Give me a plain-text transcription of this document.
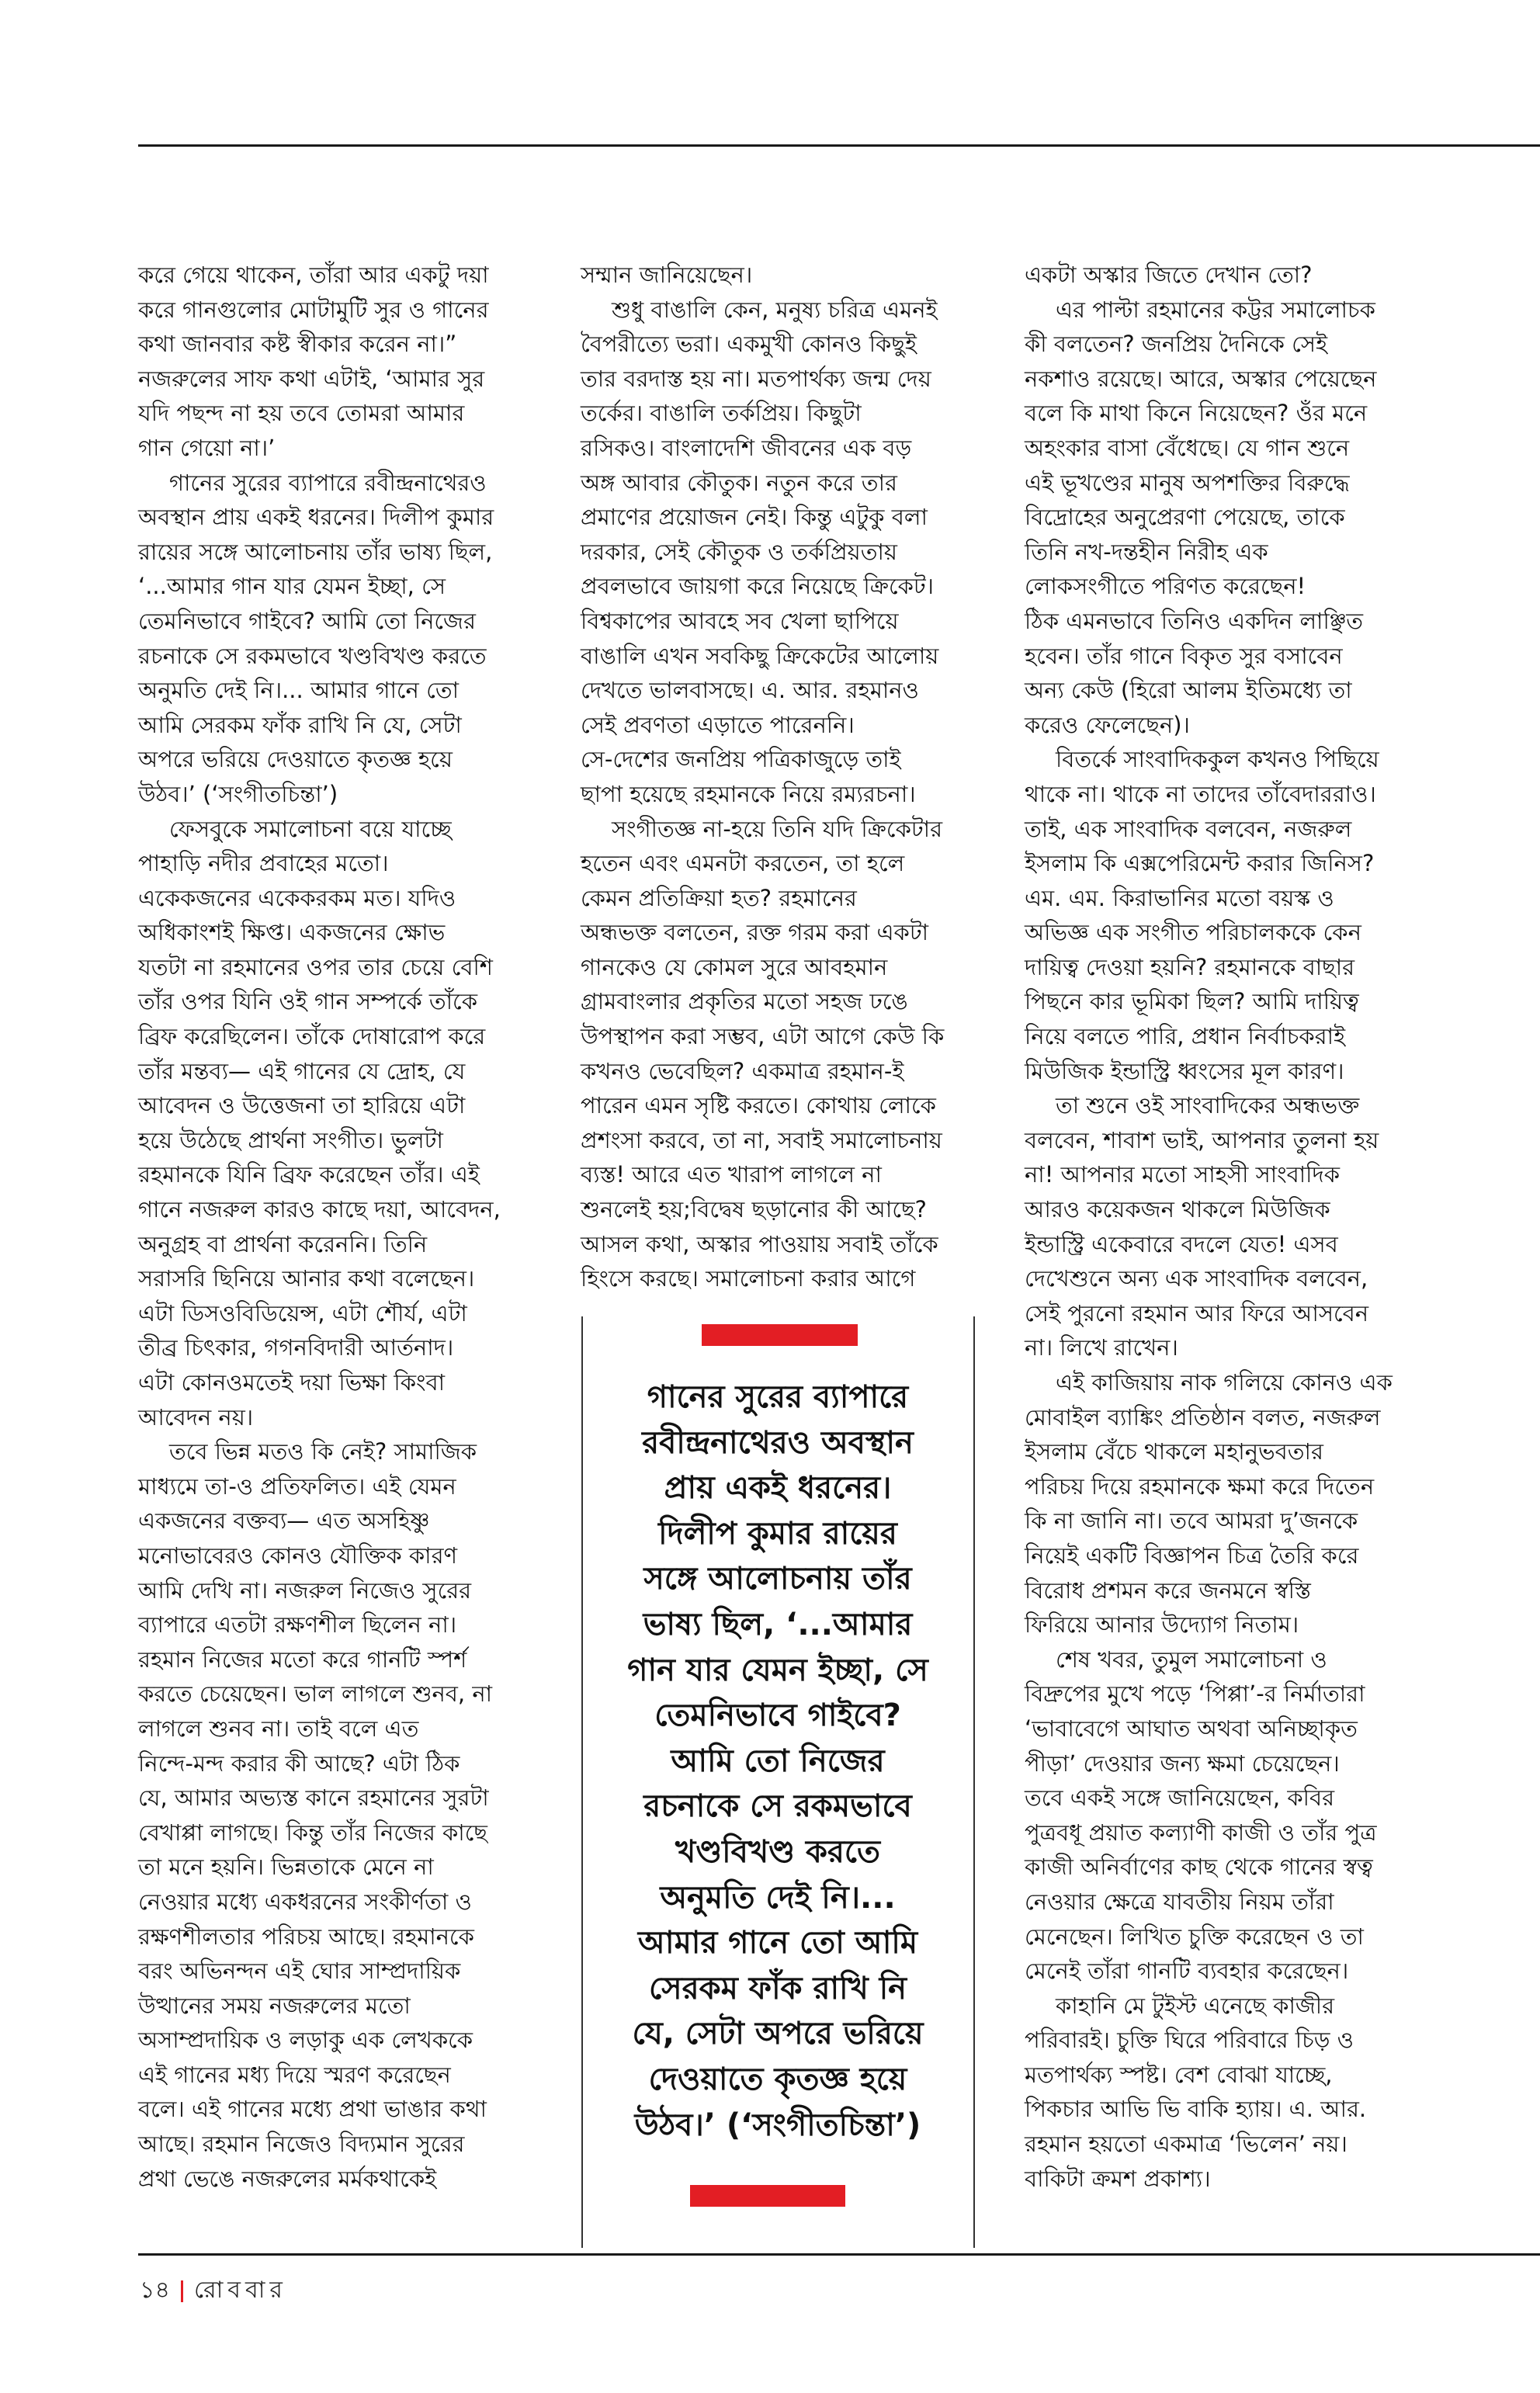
করে গেয়ে থাকেন, তাঁরা আর একটু দয়া
করে গানগুলোর মোটামুটি সুর ও গানের
কথা জানবার কষ্ট স্বীকার করেন না।”
নজরুলের সাফ কথা এটাই, ‘আমার সুর
যদি পছন্দ না হয় তবে তোমরা আমার
গান গেয়ো না।’
গানের সুরের ব্যাপারে রবীন্দ্রনাথেরও
অবস্থান প্রায় একই ধরনের। দিলীপ কুমার
রায়ের সঙ্গে আলোচনায় তাঁর ভাষ্য ছিল,
‘...আমার গান যার যেমন ইচ্ছা, সে
তেমনিভাবে গাইবে? আমি তো নিজের
রচনাকে সে রকমভাবে খণ্ডবিখণ্ড করতে
অনুমতি দেই নি।... আমার গানে তো
আমি সেরকম ফাঁক রাখি নি যে, সেটা
অপরে ভরিয়ে দেওয়াতে কৃতজ্ঞ হয়ে
উঠব।’ (‘সংগীতচিন্তা’)
ফেসবুকে সমালোচনা বয়ে যাচ্ছে
পাহাড়ি নদীর প্রবাহের মতো।
একেকজনের একেকরকম মত। যদিও
অধিকাংশই ক্ষিপ্ত। একজনের ক্ষোভ
যতটা না রহমানের ওপর তার চেয়ে বেশি
তাঁর ওপর যিনি ওই গান সম্পর্কে তাঁকে
ব্রিফ করেছিলেন। তাঁকে দোষারোপ করে
তাঁর মন্তব্য— এই গানের যে দ্রোহ, যে
আবেদন ও উত্তেজনা তা হারিয়ে এটা
হয়ে উঠেছে প্রার্থনা সংগীত। ভুলটা
রহমানকে যিনি ব্রিফ করেছেন তাঁর। এই
গানে নজরুল কারও কাছে দয়া, আবেদন,
অনুগ্রহ বা প্রার্থনা করেননি। তিনি
সরাসরি ছিনিয়ে আনার কথা বলেছেন।
এটা ডিসওবিডিয়েন্স, এটা শৌর্য, এটা
তীব্র চিৎকার, গগনবিদারী আর্তনাদ।
এটা কোনওমতেই দয়া ভিক্ষা কিংবা
আবেদন নয়।
তবে ভিন্ন মতও কি নেই? সামাজিক
মাধ্যমে তা-ও প্রতিফলিত। এই যেমন
একজনের বক্তব্য— এত অসহিষ্ণু
মনোভাবেরও কোনও যৌক্তিক কারণ
আমি দেখি না। নজরুল নিজেও সুরের
ব্যাপারে এতটা রক্ষণশীল ছিলেন না।
রহমান নিজের মতো করে গানটি স্পর্শ
করতে চেয়েছেন। ভাল লাগলে শুনব, না
লাগলে শুনব না। তাই বলে এত
নিন্দে-মন্দ করার কী আছে? এটা ঠিক
যে, আমার অভ্যস্ত কানে রহমানের সুরটা
বেখাপ্পা লাগছে। কিন্তু তাঁর নিজের কাছে
তা মনে হয়নি। ভিন্নতাকে মেনে না
নেওয়ার মধ্যে একধরনের সংকীর্ণতা ও
রক্ষণশীলতার পরিচয় আছে। রহমানকে
বরং অভিনন্দন এই ঘোর সাম্প্রদায়িক
উত্থানের সময় নজরুলের মতো
অসাম্প্রদায়িক ও লড়াকু এক লেখককে
এই গানের মধ্য দিয়ে স্মরণ করেছেন
বলে। এই গানের মধ্যে প্রথা ভাঙার কথা
আছে। রহমান নিজেও বিদ্যমান সুরের
প্রথা ভেঙে নজরুলের মর্মকথাকেই
সম্মান জানিয়েছেন।
শুধু বাঙালি কেন, মনুষ্য চরিত্র এমনই
বৈপরীত্যে ভরা। একমুখী কোনও কিছুই
তার বরদাস্ত হয় না। মতপার্থক্য জন্ম দেয়
তর্কের। বাঙালি তর্কপ্রিয়। কিছুটা
রসিকও। বাংলাদেশি জীবনের এক বড়
অঙ্গ আবার কৌতুক। নতুন করে তার
প্রমাণের প্রয়োজন নেই। কিন্তু এটুকু বলা
দরকার, সেই কৌতুক ও তর্কপ্রিয়তায়
প্রবলভাবে জায়গা করে নিয়েছে ক্রিকেট।
বিশ্বকাপের আবহে সব খেলা ছাপিয়ে
বাঙালি এখন সবকিছু ক্রিকেটের আলোয়
দেখতে ভালবাসছে। এ. আর. রহমানও
সেই প্রবণতা এড়াতে পারেননি।
সে-দেশের জনপ্রিয় পত্রিকাজুড়ে তাই
ছাপা হয়েছে রহমানকে নিয়ে রম্যরচনা।
সংগীতজ্ঞ না-হয়ে তিনি যদি ক্রিকেটার
হতেন এবং এমনটা করতেন, তা হলে
কেমন প্রতিক্রিয়া হত? রহমানের
অন্ধভক্ত বলতেন, রক্ত গরম করা একটা
গানকেও যে কোমল সুরে আবহমান
গ্রামবাংলার প্রকৃতির মতো সহজ ঢঙে
উপস্থাপন করা সম্ভব, এটা আগে কেউ কি
কখনও ভেবেছিল? একমাত্র রহমান-ই
পারেন এমন সৃষ্টি করতে। কোথায় লোকে
প্রশংসা করবে, তা না, সবাই সমালোচনায়
ব্যস্ত! আরে এত খারাপ লাগলে না
শুনলেই হয়;বিদ্বেষ ছড়ানোর কী আছে?
আসল কথা, অস্কার পাওয়ায় সবাই তাঁকে
হিংসে করছে। সমালোচনা করার আগে
একটা অস্কার জিতে দেখান তো?
এর পাল্টা রহমানের কট্টর সমালোচক
কী বলতেন? জনপ্রিয় দৈনিকে সেই
নকশাও রয়েছে। আরে, অস্কার পেয়েছেন
বলে কি মাথা কিনে নিয়েছেন? ওঁর মনে
অহংকার বাসা বেঁধেছে। যে গান শুনে
এই ভূখণ্ডের মানুষ অপশক্তির বিরুদ্ধে
বিদ্রোহের অনুপ্রেরণা পেয়েছে, তাকে
তিনি নখ-দন্তহীন নিরীহ এক
লোকসংগীতে পরিণত করেছেন!
ঠিক এমনভাবে তিনিও একদিন লাঞ্ছিত
হবেন। তাঁর গানে বিকৃত সুর বসাবেন
অন্য কেউ (হিরো আলম ইতিমধ্যে তা
করেও ফেলেছেন)।
বিতর্কে সাংবাদিককুল কখনও পিছিয়ে
থাকে না। থাকে না তাদের তাঁবেদাররাও।
তাই, এক সাংবাদিক বলবেন, নজরুল
ইসলাম কি এক্সপেরিমেন্ট করার জিনিস?
এম. এম. কিরাভানির মতো বয়স্ক ও
অভিজ্ঞ এক সংগীত পরিচালককে কেন
দায়িত্ব দেওয়া হয়নি? রহমানকে বাছার
পিছনে কার ভূমিকা ছিল? আমি দায়িত্ব
নিয়ে বলতে পারি, প্রধান নির্বাচকরাই
মিউজিক ইন্ডাস্ট্রি ধ্বংসের মূল কারণ।
তা শুনে ওই সাংবাদিকের অন্ধভক্ত
বলবেন, শাবাশ ভাই, আপনার তুলনা হয়
না! আপনার মতো সাহসী সাংবাদিক
আরও কয়েকজন থাকলে মিউজিক
ইন্ডাস্ট্রি একেবারে বদলে যেত! এসব
দেখেশুনে অন্য এক সাংবাদিক বলবেন,
সেই পুরনো রহমান আর ফিরে আসবেন
না। লিখে রাখেন।
এই কাজিয়ায় নাক গলিয়ে কোনও এক
মোবাইল ব্যাঙ্কিং প্রতিষ্ঠান বলত, নজরুল
ইসলাম বেঁচে থাকলে মহানুভবতার
পরিচয় দিয়ে রহমানকে ক্ষমা করে দিতেন
কি না জানি না। তবে আমরা দু’জনকে
নিয়েই একটি বিজ্ঞাপন চিত্র তৈরি করে
বিরোধ প্রশমন করে জনমনে স্বস্তি
ফিরিয়ে আনার উদ্যোগ নিতাম।
শেষ খবর, তুমুল সমালোচনা ও
বিদ্রুপের মুখে পড়ে ‘পিপ্পা’-র নির্মাতারা
‘ভাবাবেগে আঘাত অথবা অনিচ্ছাকৃত
পীড়া’ দেওয়ার জন্য ক্ষমা চেয়েছেন।
তবে একই সঙ্গে জানিয়েছেন, কবির
পুত্রবধূ প্রয়াত কল্যাণী কাজী ও তাঁর পুত্র
কাজী অনির্বাণের কাছ থেকে গানের স্বত্ব
নেওয়ার ক্ষেত্রে যাবতীয় নিয়ম তাঁরা
মেনেছেন। লিখিত চুক্তি করেছেন ও তা
মেনেই তাঁরা গানটি ব্যবহার করেছেন।
কাহানি মে টুইস্ট এনেছে কাজীর
পরিবারই। চুক্তি ঘিরে পরিবারে চিড় ও
মতপার্থক্য স্পষ্ট। বেশ বোঝা যাচ্ছে,
পিকচার আভি ভি বাকি হ্যায়। এ. আর.
রহমান হয়তো একমাত্র ‘ভিলেন’ নয়।
বাকিটা ক্রমশ প্রকাশ্য।
গানের সুরের ব্যাপারে
রবীন্দ্রনাথেরও অবস্থান
প্রায় একই ধরনের।
দিলীপ কুমার রায়ের
সঙ্গে আলোচনায় তাঁর
ভাষ্য ছিল, ‘...আমার
গান যার যেমন ইচ্ছা, সে
তেমনিভাবে গাইবে?
আমি তো নিজের
রচনাকে সে রকমভাবে
খণ্ডবিখণ্ড করতে
অনুমতি দেই নি।...
আমার গানে তো আমি
সেরকম ফাঁক রাখি নি
যে, সেটা অপরে ভরিয়ে
দেওয়াতে কৃতজ্ঞ হয়ে
উঠব।’ (‘সংগীতচিন্তা’)
১৪ রোববার
